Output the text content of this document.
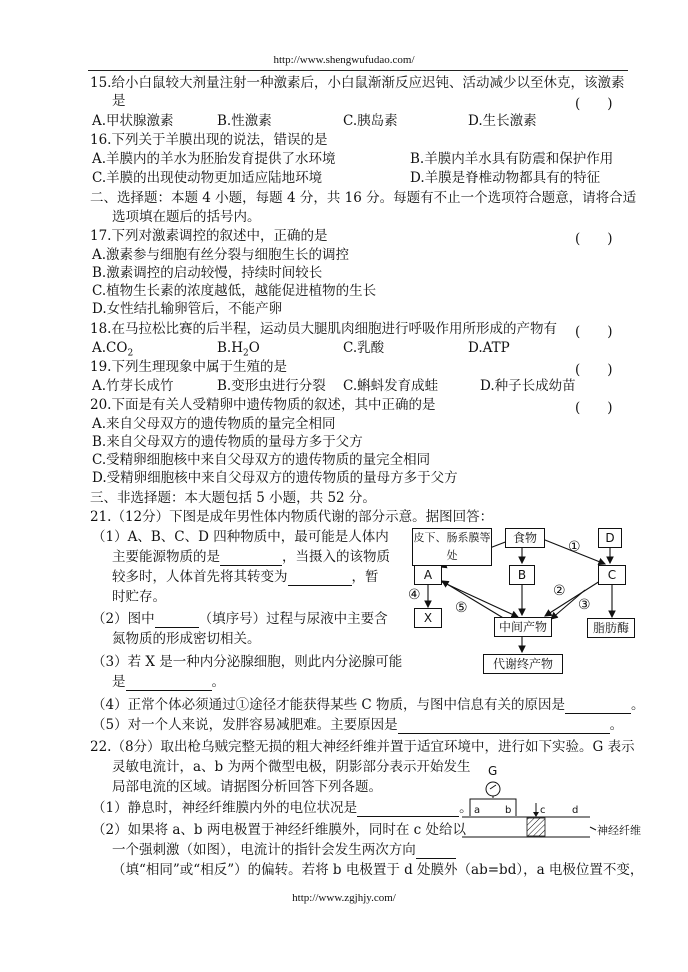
http://www.shengwufudao.com/
15.给小白鼠较大剂量注射一种激素后，小白鼠渐渐反应迟钝、活动减少以至休克，该激素
是	(　　)
A.甲状腺激素	B.性激素	C.胰岛素	D.生长激素
16.下列关于羊膜出现的说法，错误的是
A.羊膜内的羊水为胚胎发育提供了水环境	B.羊膜内羊水具有防震和保护作用
C.羊膜的出现使动物更加适应陆地环境	D.羊膜是脊椎动物都具有的特征
二、选择题：本题 4 小题，每题 4 分，共 16 分。每题有不止一个选项符合题意，请将合适
选项填在题后的括号内。
17.下列对激素调控的叙述中，正确的是	(　　)
A.激素参与细胞有丝分裂与细胞生长的调控
B.激素调控的启动较慢，持续时间较长
C.植物生长素的浓度越低，越能促进植物的生长
D.女性结扎输卵管后，不能产卵
18.在马拉松比赛的后半程，运动员大腿肌肉细胞进行呼吸作用所形成的产物有 (　　)
$A.CO_2$	$B.H_2O$	C.乳酸	D.ATP
19.下列生理现象中属于生殖的是	(　　)
A.竹芽长成竹	B.变形虫进行分裂 C.蝌蚪发育成蛙	D.种子长成幼苗
20.下面是有关人受精卵中遗传物质的叙述，其中正确的是	(　　)
A.来自父母双方的遗传物质的量完全相同
B.来自父母双方的遗传物质的量母方多于父方
C.受精卵细胞核中来自父母双方的遗传物质的量完全相同
D.受精卵细胞核中来自父母双方的遗传物质的量母方多于父方
三、非选择题：本大题包括 5 小题，共 52 分。
21.（12分）下图是成年男性体内物质代谢的部分示意。据图回答：
（1）A、B、C、D 四种物质中，最可能是人体内
主要能源物质的是	，当摄入的该物质
较多时，人体首先将其转变为	，暂
时贮存。
（2）图中	（填序号）过程与尿液中主要含
氮物质的形成密切相关。
（3）若 X 是一种内分泌腺细胞，则此内分泌腺可能
是	。
（4）正常个体必须通过①途径才能获得某些 C 物质，与图中信息有关的原因是	。
（5）对一个人来说，发胖容易减肥难。主要原因是	。
皮下、肠系膜等处
食物	D
A	B	C
X
中间产物	脂肪酶
代谢终产物
①
②
③
④
⑤
22.（8分）取出枪乌贼完整无损的粗大神经纤维并置于适宜环境中，进行如下实验。G 表示
灵敏电流计，a、b 为两个微型电极，阴影部分表示开始发生
局部电流的区域。请据图分析回答下列各题。
（1）静息时，神经纤维膜内外的电位状况是	。
（2）如果将 a、b 两电极置于神经纤维膜外，同时在 c 处给以
一个强刺激（如图），电流计的指针会发生两次方向
（填“相同”或“相反”）的偏转。若将 b 电极置于 d 处膜外（ab=bd），a 电极位置不变，
G
a b	c	d
神经纤维
http://www.zgjhjy.com/
